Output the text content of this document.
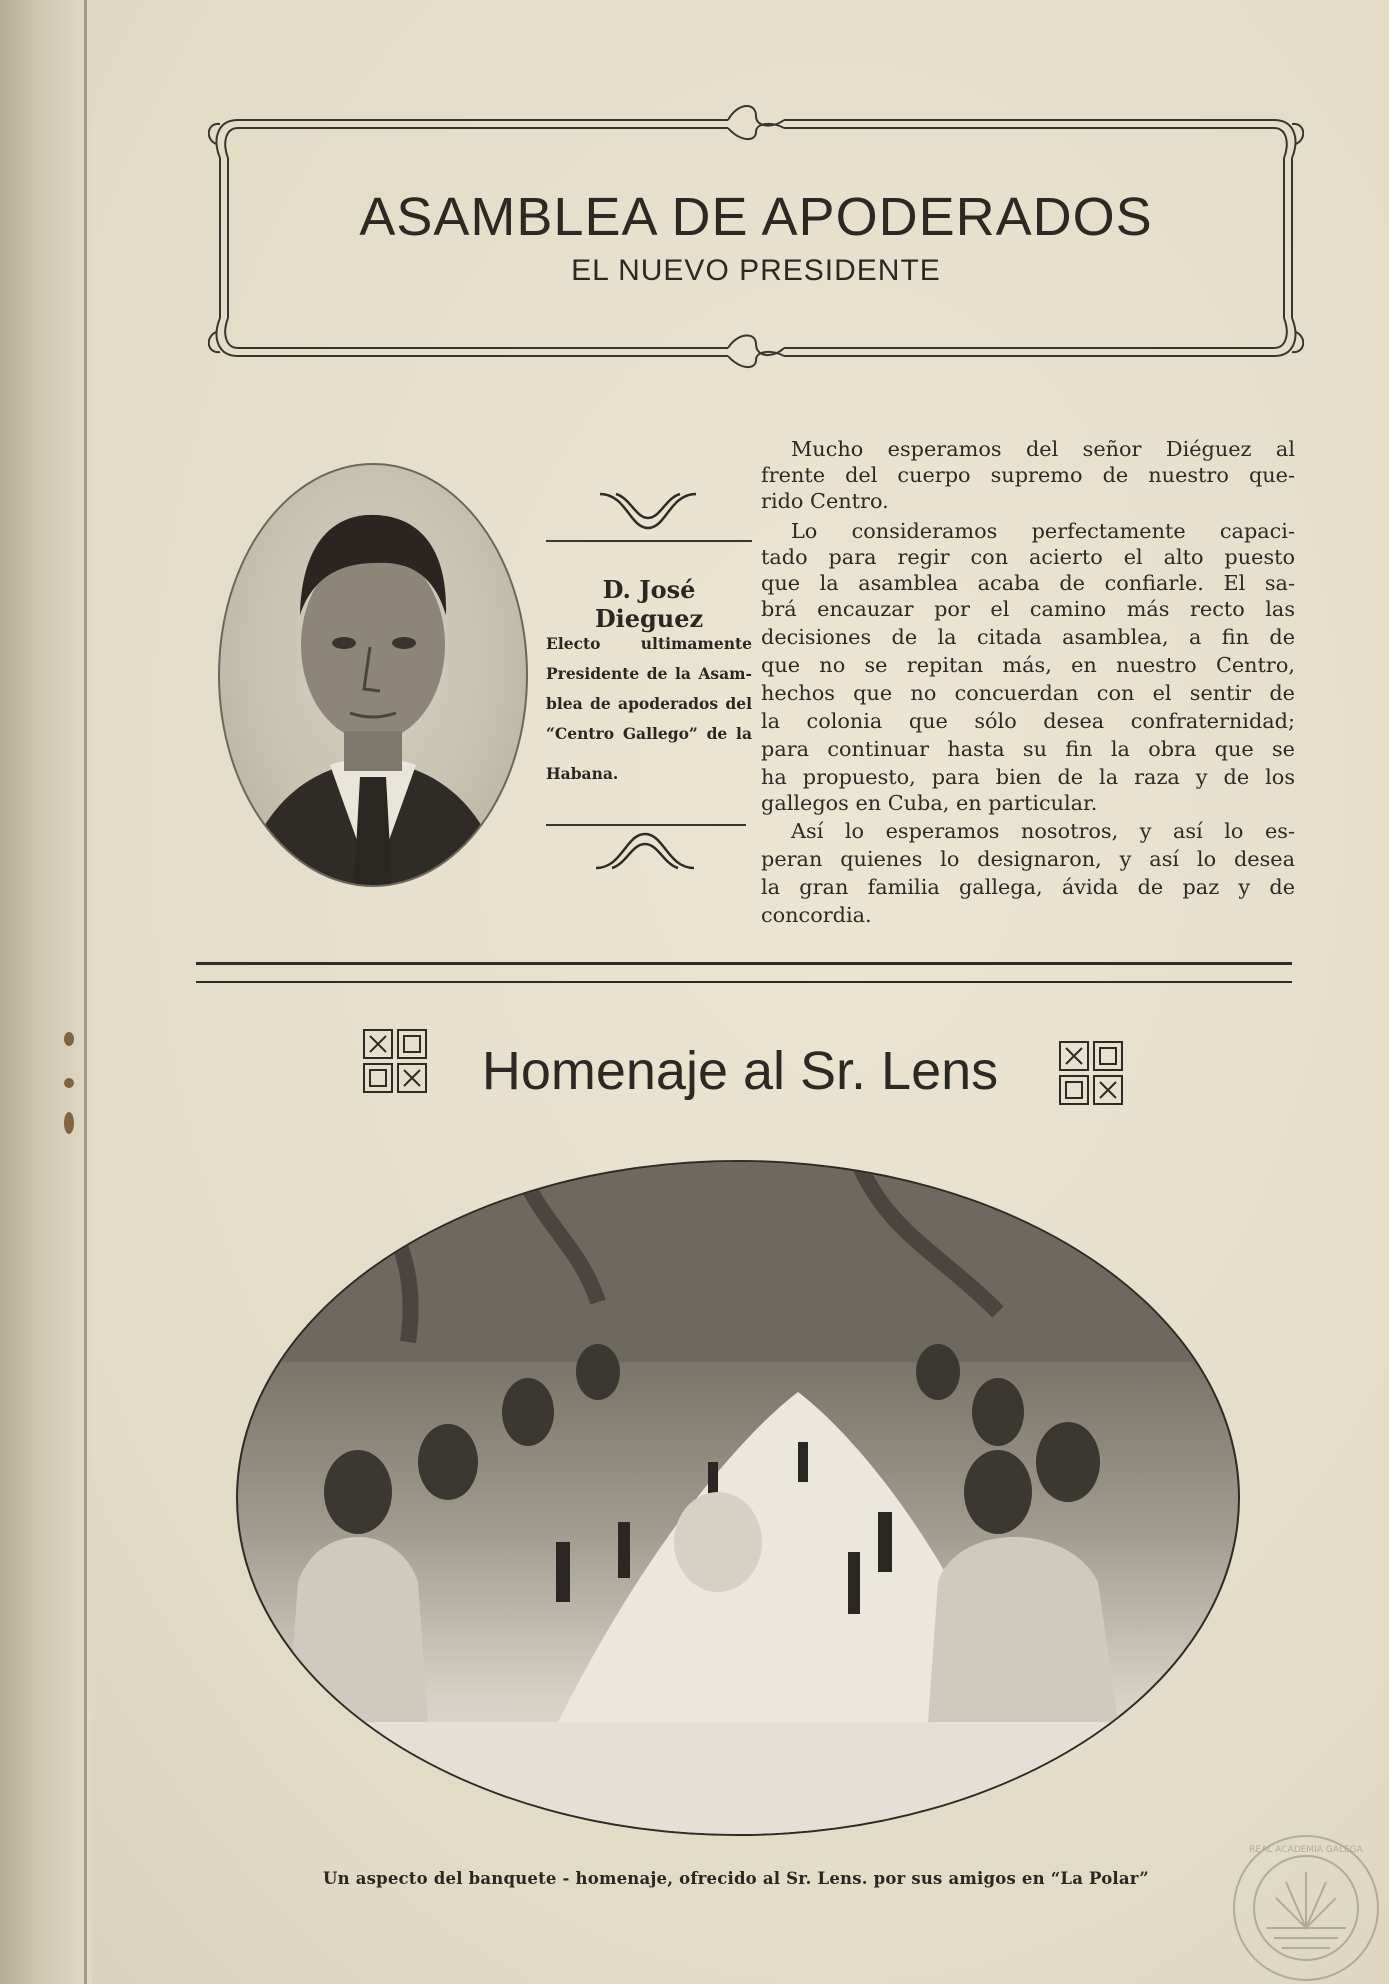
ASAMBLEA DE APODERADOS
EL NUEVO PRESIDENTE
D. José Dieguez
Electo ultimamente
Presidente de la Asam-
blea de apoderados del
“Centro Gallego” de la
Habana.
Mucho esperamos del señor Diéguez al
frente del cuerpo supremo de nuestro que-
rido Centro.
Lo consideramos perfectamente capaci-
tado para regir con acierto el alto puesto
que la asamblea acaba de confiarle. El sa-
brá encauzar por el camino más recto las
decisiones de la citada asamblea, a fin de
que no se repitan más, en nuestro Centro,
hechos que no concuerdan con el sentir de
la colonia que sólo desea confraternidad;
para continuar hasta su fin la obra que se
ha propuesto, para bien de la raza y de los
gallegos en Cuba, en particular.
Así lo esperamos nosotros, y así lo es-
peran quienes lo designaron, y así lo desea
la gran familia gallega, ávida de paz y de
concordia.
Homenaje al Sr. Lens
Un aspecto del banquete - homenaje, ofrecido al Sr. Lens. por sus amigos en “La Polar”
REAL ACADEMIA GALEGA
